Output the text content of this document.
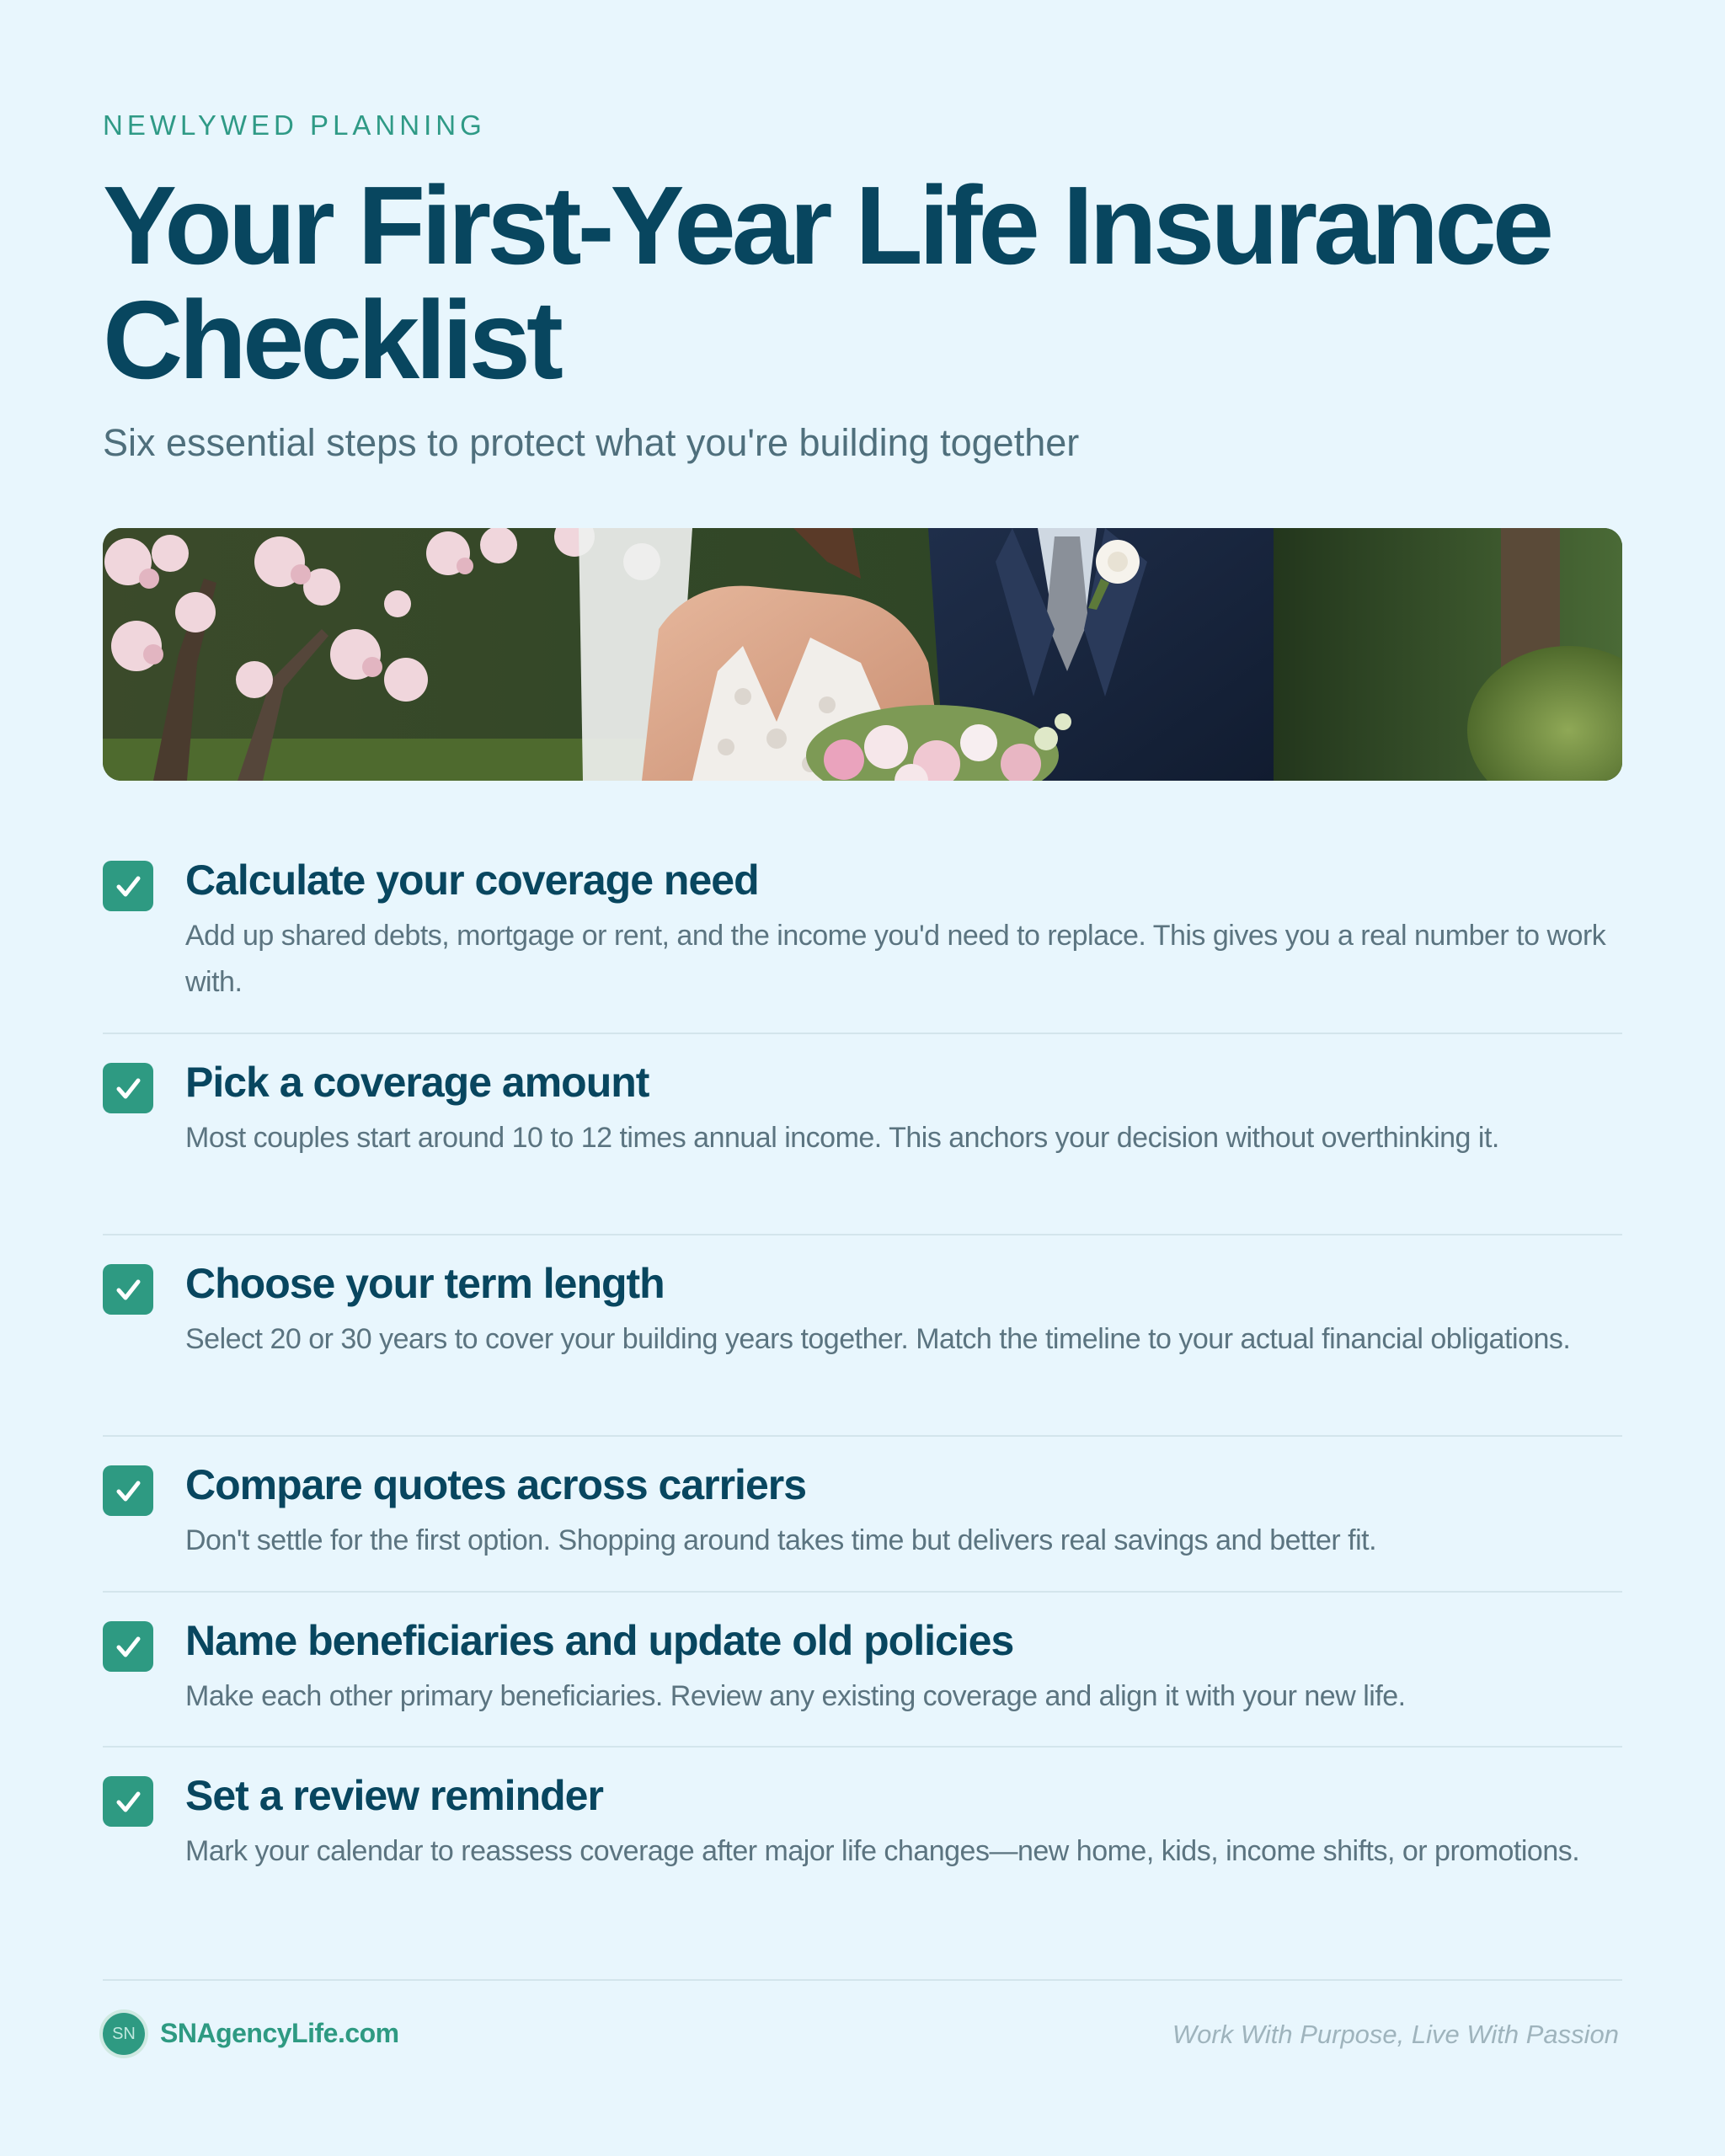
NEWLYWED PLANNING
Your First-Year Life Insurance Checklist
Six essential steps to protect what you're building together
Calculate your coverage need
Add up shared debts, mortgage or rent, and the income you'd need to replace. This gives you a real number to work with.
Pick a coverage amount
Most couples start around 10 to 12 times annual income. This anchors your decision without overthinking it.
Choose your term length
Select 20 or 30 years to cover your building years together. Match the timeline to your actual financial obligations.
Compare quotes across carriers
Don't settle for the first option. Shopping around takes time but delivers real savings and better fit.
Name beneficiaries and update old policies
Make each other primary beneficiaries. Review any existing coverage and align it with your new life.
Set a review reminder
Mark your calendar to reassess coverage after major life changes—new home, kids, income shifts, or promotions.
SN SNAgencyLife.com	Work With Purpose, Live With Passion
